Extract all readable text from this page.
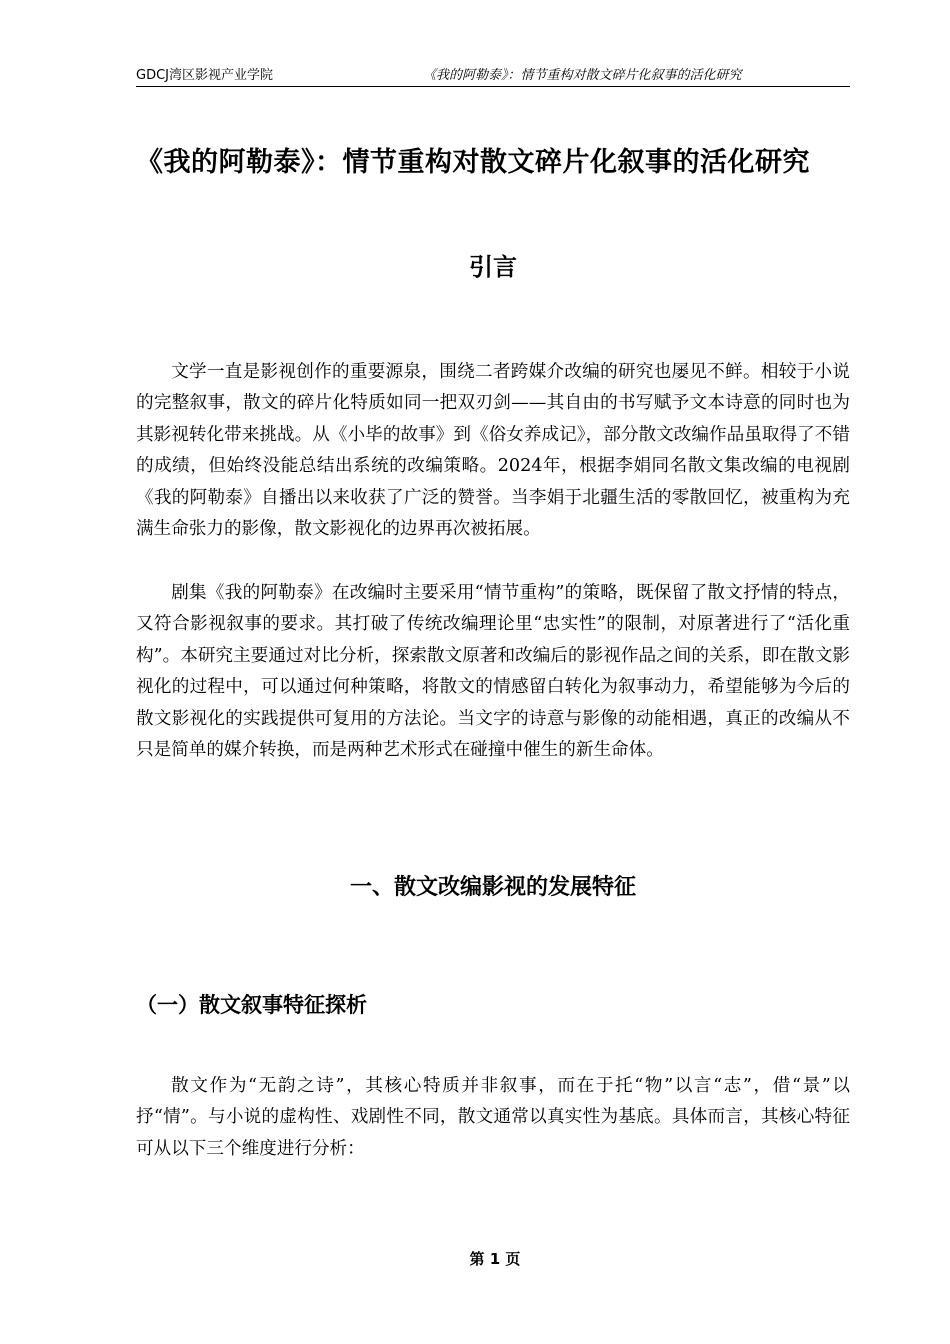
GDCJ湾区影视产业学院	《我的阿勒泰》：情节重构对散文碎片化叙事的活化研究
《我的阿勒泰》：情节重构对散文碎片化叙事的活化研究
引言

文学一直是影视创作的重要源泉，围绕二者跨媒介改编的研究也屡见不鲜。相较于小说的完整叙事，散文的碎片化特质如同一把双刃剑——其自由的书写赋予文本诗意的同时也为其影视转化带来挑战。从《小毕的故事》到《俗女养成记》，部分散文改编作品虽取得了不错的成绩，但始终没能总结出系统的改编策略。2024年，根据李娟同名散文集改编的电视剧《我的阿勒泰》自播出以来收获了广泛的赞誉。当李娟于北疆生活的零散回忆，被重构为充满生命张力的影像，散文影视化的边界再次被拓展。

剧集《我的阿勒泰》在改编时主要采用“情节重构”的策略，既保留了散文抒情的特点，又符合影视叙事的要求。其打破了传统改编理论里“忠实性”的限制，对原著进行了“活化重构”。本研究主要通过对比分析，探索散文原著和改编后的影视作品之间的关系，即在散文影视化的过程中，可以通过何种策略，将散文的情感留白转化为叙事动力，希望能够为今后的散文影视化的实践提供可复用的方法论。当文字的诗意与影像的动能相遇，真正的改编从不只是简单的媒介转换，而是两种艺术形式在碰撞中催生的新生命体。

一、散文改编影视的发展特征
（一）散文叙事特征探析

散文作为“无韵之诗”，其核心特质并非叙事，而在于托“物”以言“志”，借“景”以抒“情”。与小说的虚构性、戏剧性不同，散文通常以真实性为基底。具体而言，其核心特征可从以下三个维度进行分析：

第 1 页
